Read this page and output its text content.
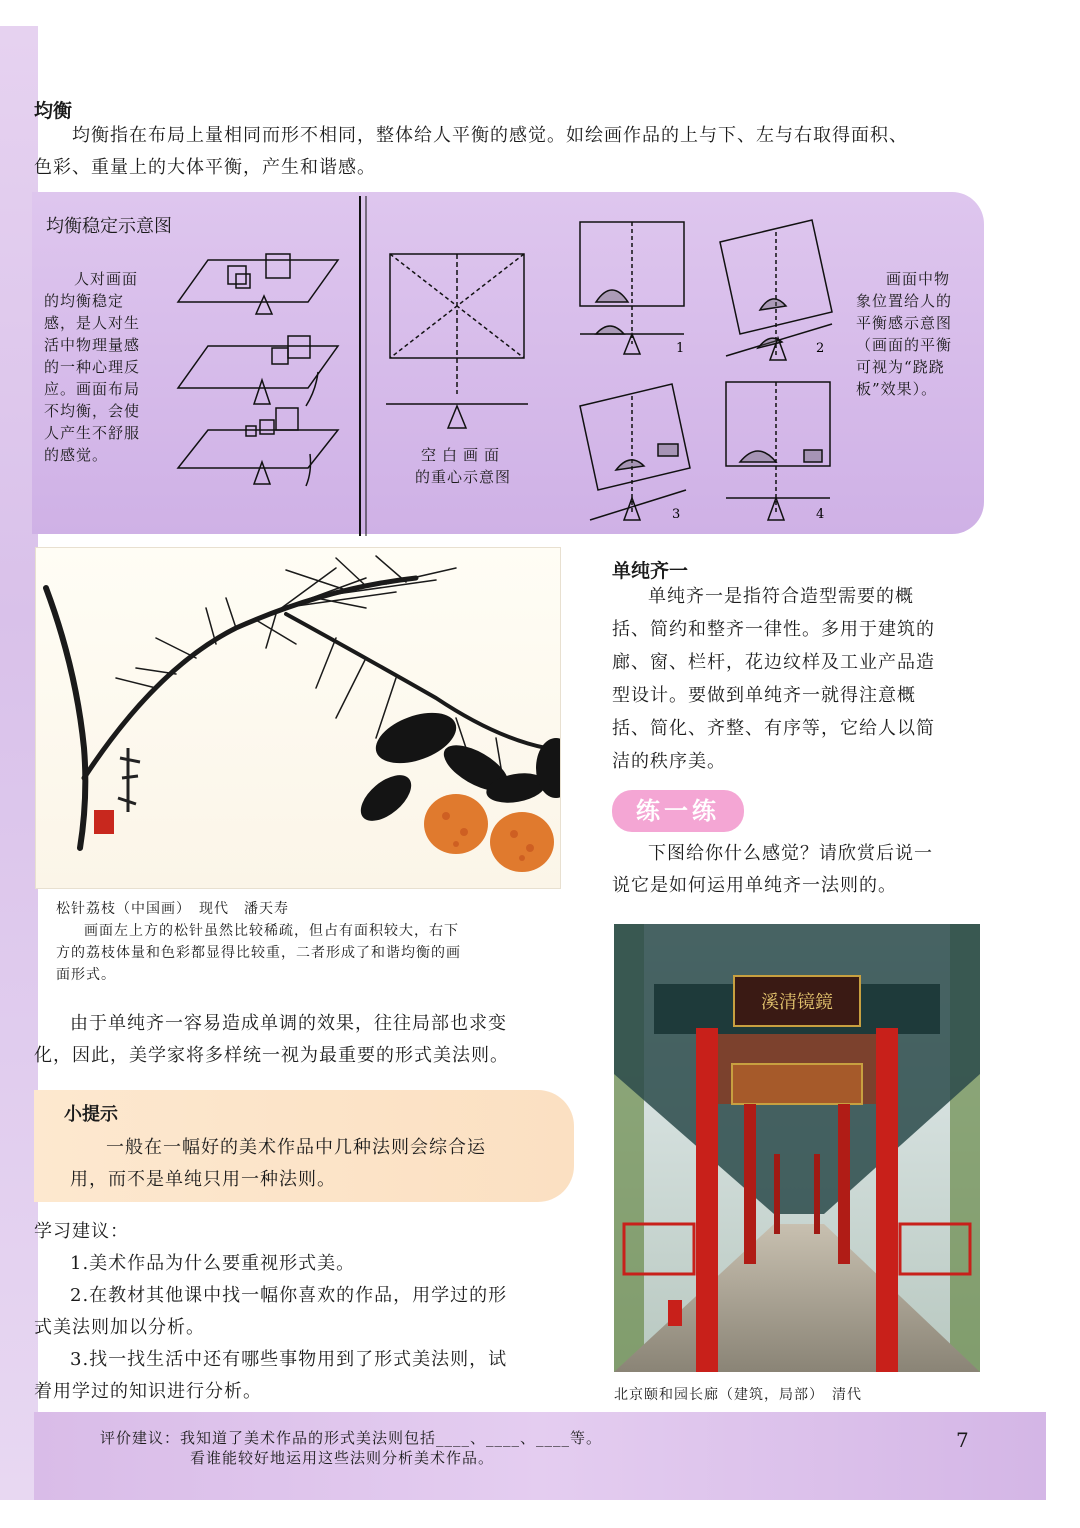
均衡
均衡指在布局上量相同而形不相同，整体给人平衡的感觉。如绘画作品的上与下、左与右取得面积、
色彩、重量上的大体平衡，产生和谐感。
均衡稳定示意图
人对画面
的均衡稳定
感，是人对生
活中物理量感
的一种心理反
应。画面布局
不均衡，会使
人产生不舒服
的感觉。	空白画面
的重心示意图
1	2
3	4
画面中物
象位置给人的
平衡感示意图
（画面的平衡
可视为“跷跷
板”效果）。
松针荔枝（中国画）　现代　潘天寿
画面左上方的松针虽然比较稀疏，但占有面积较大，右下
方的荔枝体量和色彩都显得比较重，二者形成了和谐均衡的画
面形式。
单纯齐一
单纯齐一是指符合造型需要的概
括、简约和整齐一律性。多用于建筑的
廊、窗、栏杆，花边纹样及工业产品造
型设计。要做到单纯齐一就得注意概
括、简化、齐整、有序等，它给人以简
洁的秩序美。
练一练
下图给你什么感觉？请欣赏后说一
说它是如何运用单纯齐一法则的。
溪清镜鏡
北京颐和园长廊（建筑，局部）　清代
由于单纯齐一容易造成单调的效果，往往局部也求变
化，因此，美学家将多样统一视为最重要的形式美法则。
小提示
一般在一幅好的美术作品中几种法则会综合运
用，而不是单纯只用一种法则。
学习建议：
1.美术作品为什么要重视形式美。
2.在教材其他课中找一幅你喜欢的作品，用学过的形
式美法则加以分析。
3.找一找生活中还有哪些事物用到了形式美法则，试
着用学过的知识进行分析。
评价建议：我知道了美术作品的形式美法则包括____、____、____等。
看谁能较好地运用这些法则分析美术作品。
7
